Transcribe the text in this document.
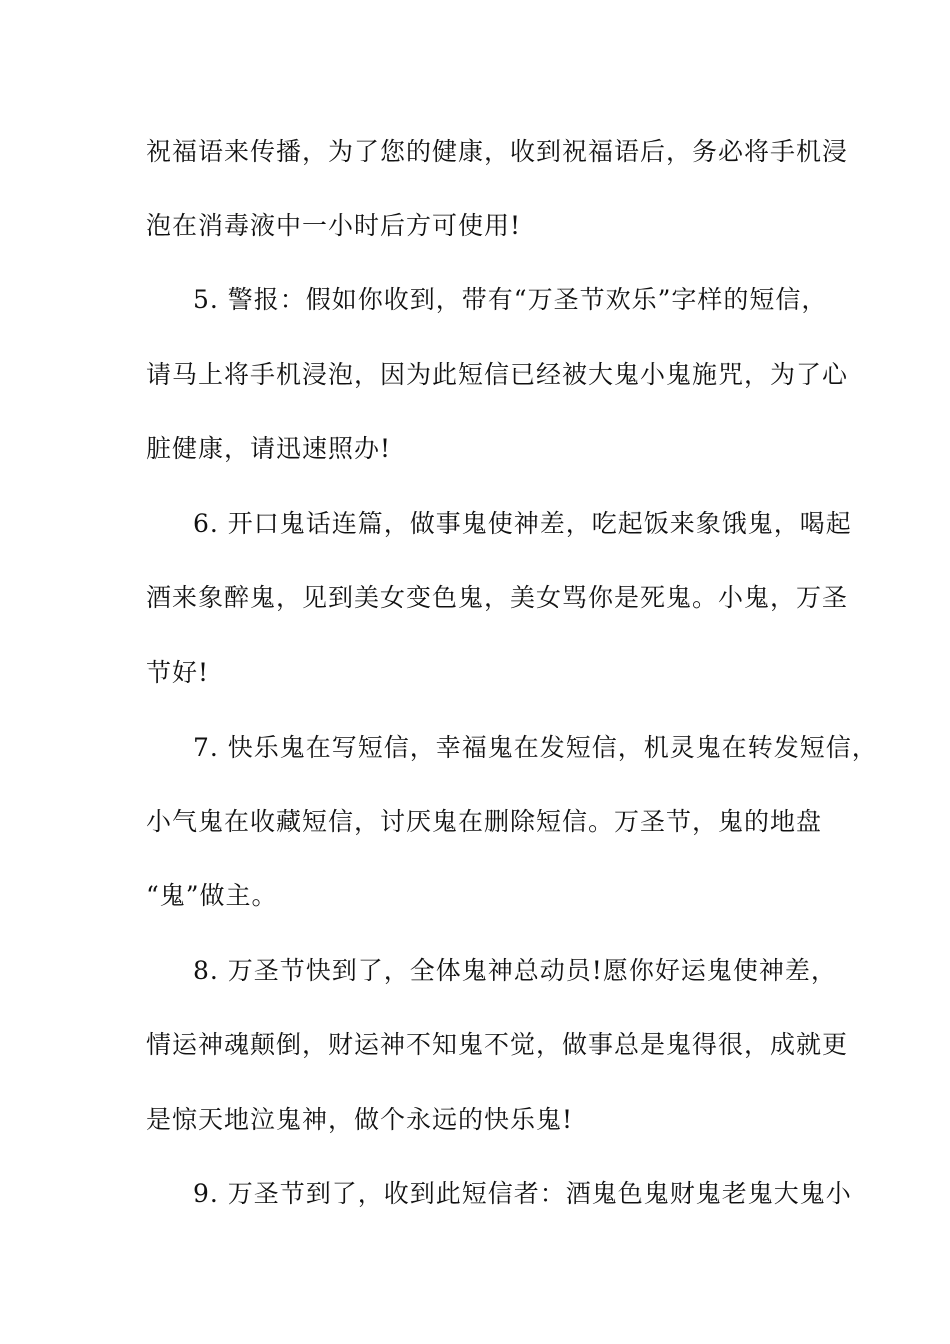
祝福语来传播，为了您的健康，收到祝福语后，务必将手机浸

泡在消毒液中一小时后方可使用!

5. 警报：假如你收到，带有“万圣节欢乐”字样的短信，

请马上将手机浸泡，因为此短信已经被大鬼小鬼施咒，为了心

脏健康，请迅速照办!

6. 开口鬼话连篇，做事鬼使神差，吃起饭来象饿鬼，喝起

酒来象醉鬼，见到美女变色鬼，美女骂你是死鬼。小鬼，万圣

节好!

7. 快乐鬼在写短信，幸福鬼在发短信，机灵鬼在转发短信，

小气鬼在收藏短信，讨厌鬼在删除短信。万圣节，鬼的地盘

“鬼”做主。

8. 万圣节快到了，全体鬼神总动员!愿你好运鬼使神差，

情运神魂颠倒，财运神不知鬼不觉，做事总是鬼得很，成就更

是惊天地泣鬼神，做个永远的快乐鬼!

9. 万圣节到了，收到此短信者：酒鬼色鬼财鬼老鬼大鬼小
